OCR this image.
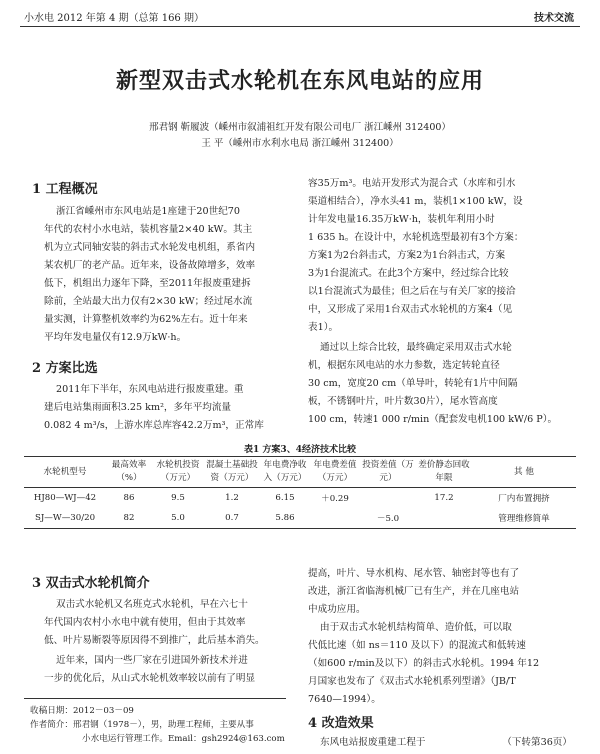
小水电 2012 年第 4 期（总第 166 期）	技术交流
新型双击式水轮机在东风电站的应用
邢君钢 靳履波（嵊州市叙浦祖红开发有限公司电厂 浙江嵊州 312400）
王 平（嵊州市水利水电局 浙江嵊州 312400）
1 工程概况
浙江省嵊州市东风电站是1座建于20世纪70
年代的农村小水电站，装机容量2×40 kW。其主
机为立式同轴安装的斜击式水轮发电机组，系省内
某农机厂的老产品。近年来，设备故障增多，效率
低下，机组出力逐年下降，至2011年报废重建拆
除前，全站最大出力仅有2×30 kW；经过尾水流
量实测，计算整机效率约为62%左右。近十年来
平均年发电量仅有12.9万kW·h。
2 方案比选
2011年下半年，东风电站进行报废重建。重
建后电站集雨面积3.25 km²，多年平均流量
0.082 4 m³/s，上游水库总库容42.2万m³，正常库
容35万m³。电站开发形式为混合式（水库和引水
渠道相结合），净水头41 m，装机1×100 kW，设
计年发电量16.35万kW·h，装机年利用小时
1 635 h。在设计中，水轮机选型最初有3个方案：
方案1为2台斜击式，方案2为1台斜击式，方案
3为1台混流式。在此3个方案中，经过综合比较
以1台混流式为最佳；但之后在与有关厂家的接洽
中，又形成了采用1台双击式水轮机的方案4（见
表1）。
通过以上综合比较，最终确定采用双击式水轮
机，根据东风电站的水力参数，选定转轮直径
30 cm，宽度20 cm（单导叶，转轮有1片中间隔
板，不锈钢叶片，叶片数30片），尾水管高度
100 cm，转速1 000 r/min（配套发电机100 kW/6 P）。
表1 方案3、4经济技术比较
水轮机型号	最高效率（%）	水轮机投资（万元）	混凝土基础投资（万元）	年电费净收入（万元）	年电费差值（万元）	投资差值（万元）	差价静态回收年限	其 他
HJ80—WJ—42	86	9.5	1.2	6.15	＋0.29		17.2	厂内布置拥挤
SJ—W—30/20	82	5.0	0.7	5.86		－5.0		管理维修简单
3 双击式水轮机简介
双击式水轮机又名班克式水轮机，早在六七十
年代国内农村小水电中就有使用，但由于其效率
低、叶片易断裂等原因得不到推广，此后基本消失。
近年来，国内一些厂家在引进国外新技术并进
一步的优化后，从山式水轮机效率较以前有了明显
提高，叶片、导水机构、尾水管、轴密封等也有了
改进，浙江省临海机械厂已有生产，并在几座电站
中成功应用。
由于双击式水轮机结构简单、造价低，可以取
代低比速（如 ns＝110 及以下）的混流式和低转速
（如600 r/min及以下）的斜击式水轮机。1994 年12
月国家也发布了《双击式水轮机系列型谱》（JB/T
7640—1994）。
4 改造效果
东风电站报废重建工程于	（下转第36页）
收稿日期：2012－03－09
作者简介：邢君钢（1978－），男，助理工程师，主要从事
小水电运行管理工作。Email：gsh2924@163.com
